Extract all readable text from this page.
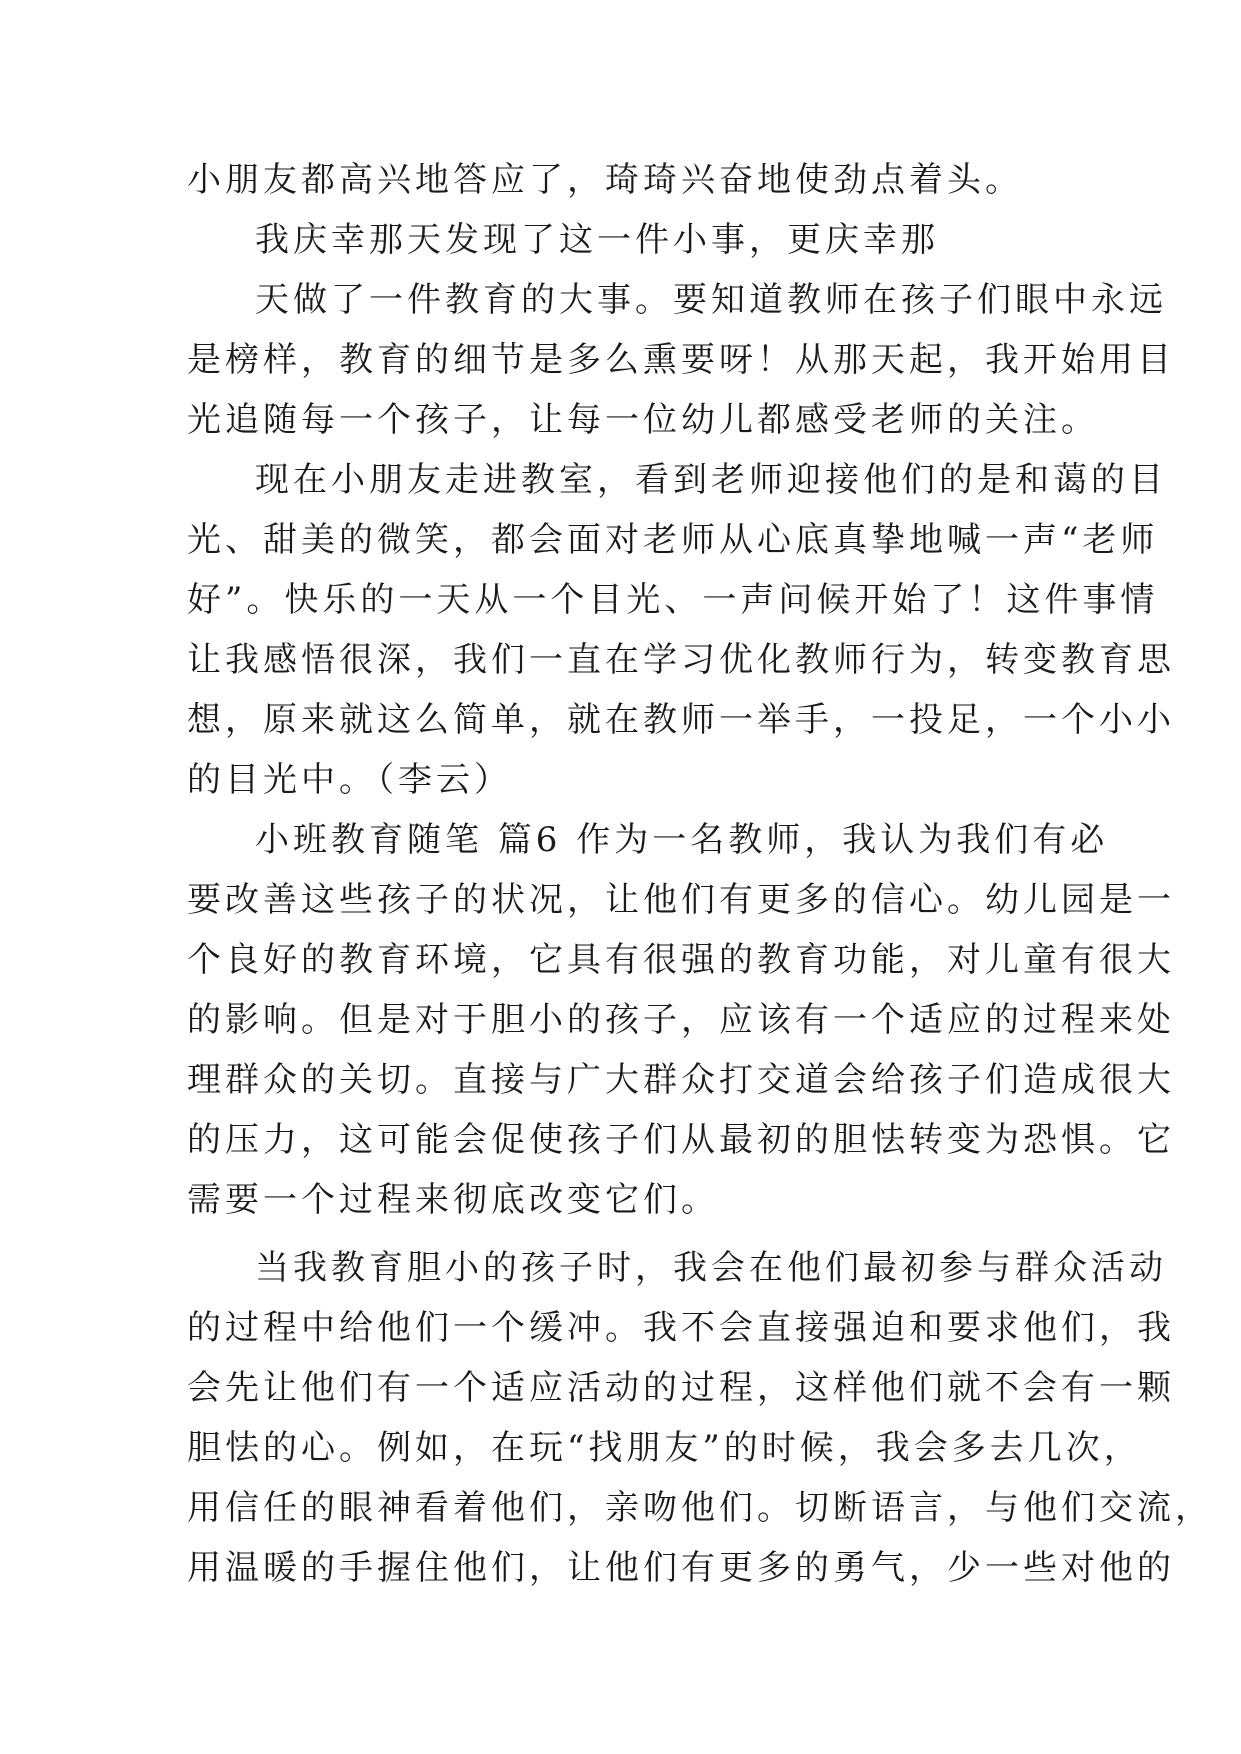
小朋友都高兴地答应了，琦琦兴奋地使劲点着头。
我庆幸那天发现了这一件小事，更庆幸那
天做了一件教育的大事。要知道教师在孩子们眼中永远
是榜样，教育的细节是多么熏要呀！从那天起，我开始用目
光追随每一个孩子，让每一位幼儿都感受老师的关注。
现在小朋友走进教室，看到老师迎接他们的是和蔼的目
光、甜美的微笑，都会面对老师从心底真挚地喊一声“老师
好”。快乐的一天从一个目光、一声问候开始了！这件事情
让我感悟很深，我们一直在学习优化教师行为，转变教育思
想，原来就这么简单，就在教师一举手，一投足，一个小小
的目光中。（李云）
小班教育随笔 篇6 作为一名教师，我认为我们有必
要改善这些孩子的状况，让他们有更多的信心。幼儿园是一
个良好的教育环境，它具有很强的教育功能，对儿童有很大
的影响。但是对于胆小的孩子，应该有一个适应的过程来处
理群众的关切。直接与广大群众打交道会给孩子们造成很大
的压力，这可能会促使孩子们从最初的胆怯转变为恐惧。它
需要一个过程来彻底改变它们。
当我教育胆小的孩子时，我会在他们最初参与群众活动
的过程中给他们一个缓冲。我不会直接强迫和要求他们，我
会先让他们有一个适应活动的过程，这样他们就不会有一颗
胆怯的心。例如，在玩“找朋友”的时候，我会多去几次，
用信任的眼神看着他们，亲吻他们。切断语言，与他们交流，
用温暖的手握住他们，让他们有更多的勇气，少一些对他的
